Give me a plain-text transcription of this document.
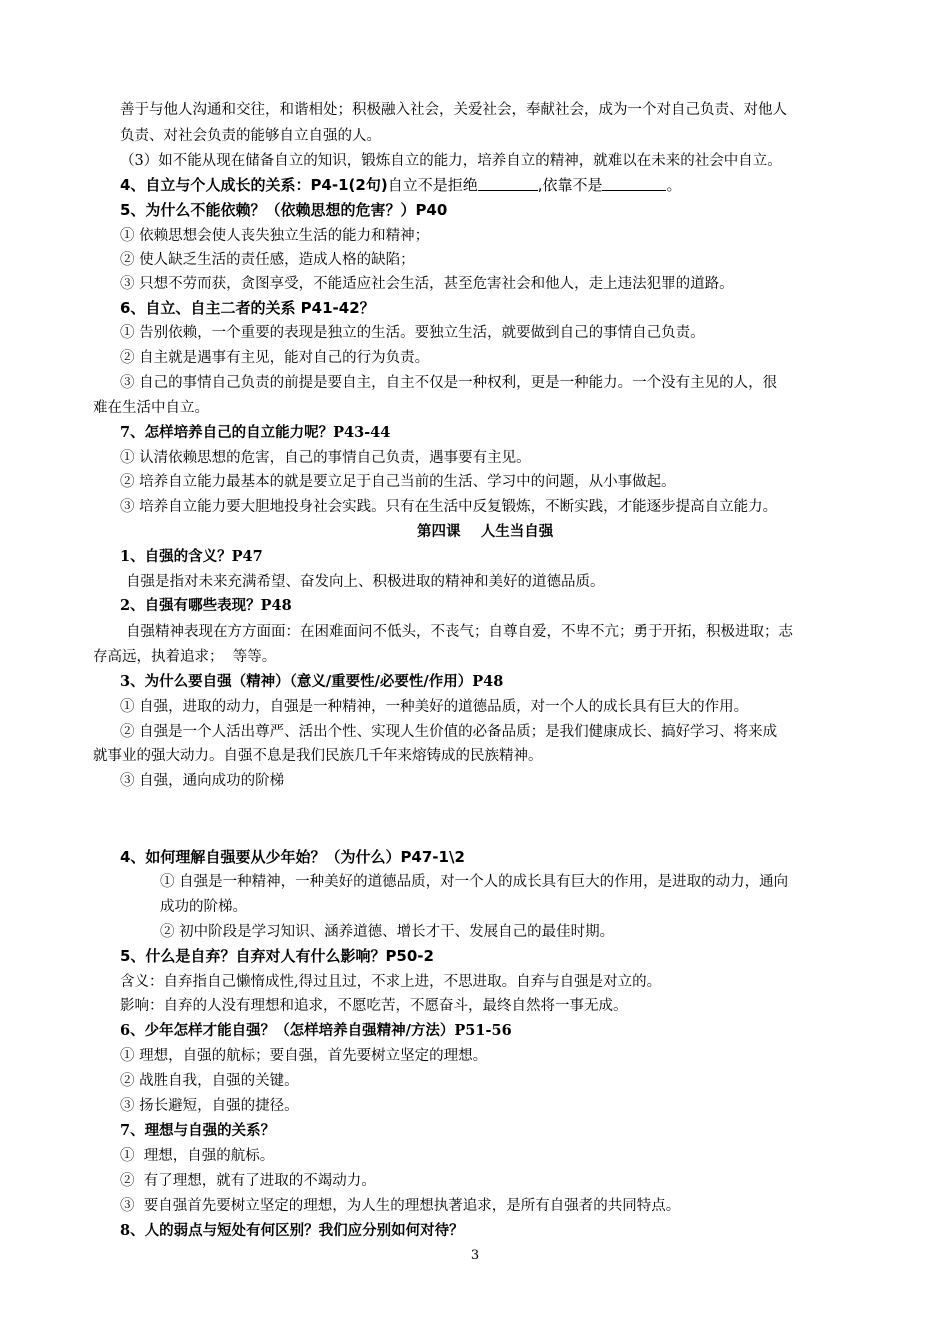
善于与他人沟通和交往，和谐相处；积极融入社会，关爱社会，奉献社会，成为一个对自己负责、对他人
负责、对社会负责的能够自立自强的人。
（3）如不能从现在储备自立的知识，锻炼自立的能力，培养自立的精神，就难以在未来的社会中自立。
4、自立与个人成长的关系：P4-1(2句)自立不是拒绝	,依靠不是	。
5、为什么不能依赖？（依赖思想的危害？）P40
① 依赖思想会使人丧失独立生活的能力和精神；
② 使人缺乏生活的责任感，造成人格的缺陷；
③ 只想不劳而获，贪图享受，不能适应社会生活，甚至危害社会和他人，走上违法犯罪的道路。
6、自立、自主二者的关系 P41-42？
① 告别依赖，一个重要的表现是独立的生活。要独立生活，就要做到自己的事情自己负责。
② 自主就是遇事有主见，能对自己的行为负责。
③ 自己的事情自己负责的前提是要自主，自主不仅是一种权利，更是一种能力。一个没有主见的人，很
难在生活中自立。
7、怎样培养自己的自立能力呢？P43-44
① 认清依赖思想的危害，自己的事情自己负责，遇事要有主见。
② 培养自立能力最基本的就是要立足于自己当前的生活、学习中的问题，从小事做起。
③ 培养自立能力要大胆地投身社会实践。只有在生活中反复锻炼，不断实践，才能逐步提高自立能力。
第四课    人生当自强
1、自强的含义？P47
自强是指对未来充满希望、奋发向上、积极进取的精神和美好的道德品质。
2、自强有哪些表现？P48
自强精神表现在方方面面：在困难面问不低头，不丧气；自尊自爱，不卑不亢；勇于开拓，积极进取；志
存高远，执着追求；  等等。
3、为什么要自强（精神）（意义/重要性/必要性/作用）P48
① 自强，进取的动力，自强是一种精神，一种美好的道德品质，对一个人的成长具有巨大的作用。
② 自强是一个人活出尊严、活出个性、实现人生价值的必备品质；是我们健康成长、搞好学习、将来成
就事业的强大动力。自强不息是我们民族几千年来熔铸成的民族精神。
③ 自强，通向成功的阶梯
4、如何理解自强要从少年始？（为什么）P47-1\2
① 自强是一种精神，一种美好的道德品质，对一个人的成长具有巨大的作用，是进取的动力，通向
成功的阶梯。
② 初中阶段是学习知识、涵养道德、增长才干、发展自己的最佳时期。
5、什么是自弃？自弃对人有什么影响？P50-2
含义：自弃指自己懒惰成性,得过且过，不求上进，不思进取。自弃与自强是对立的。
影响：自弃的人没有理想和追求，不愿吃苦，不愿奋斗，最终自然将一事无成。
6、少年怎样才能自强？（怎样培养自强精神/方法）P51-56
① 理想，自强的航标；要自强，首先要树立坚定的理想。
② 战胜自我，自强的关键。
③ 扬长避短，自强的捷径。
7、理想与自强的关系？
①  理想，自强的航标。
②  有了理想，就有了进取的不竭动力。
③  要自强首先要树立坚定的理想，为人生的理想执著追求，是所有自强者的共同特点。
8、人的弱点与短处有何区别？我们应分别如何对待？
3
